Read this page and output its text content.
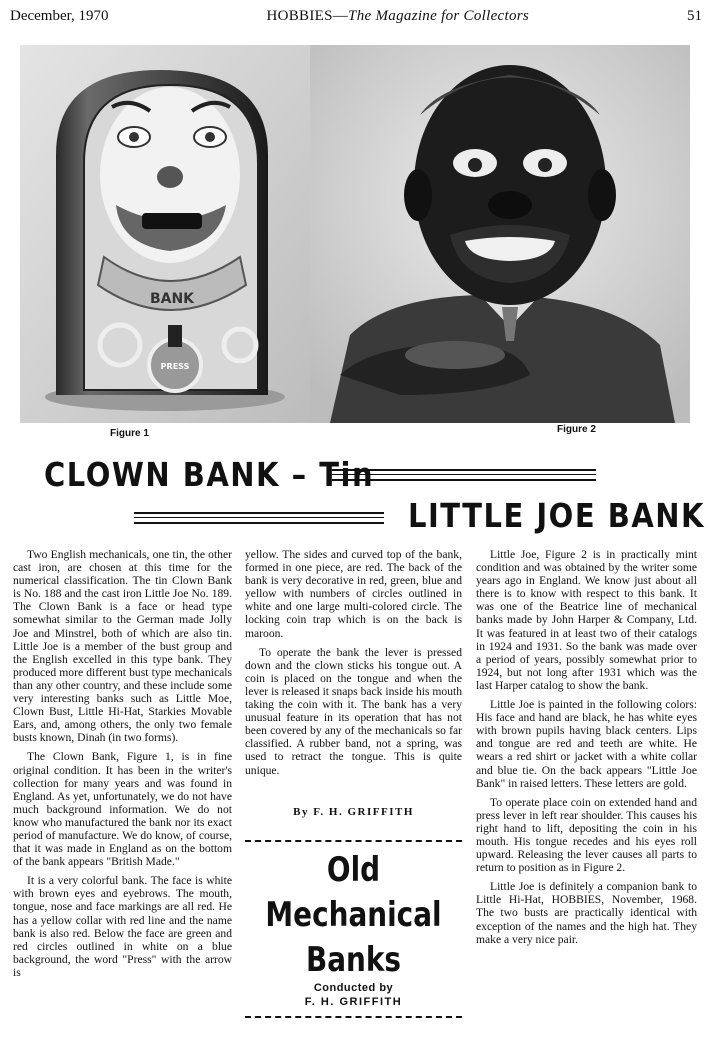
December, 1970	HOBBIES—The Magazine for Collectors	51
BANK
PRESS
Figure 1	Figure 2
CLOWN BANK – Tin
LITTLE JOE BANK

Two English mechanicals, one tin, the other cast iron, are chosen at this time for the numerical classification. The tin Clown Bank is No. 188 and the cast iron Little Joe No. 189. The Clown Bank is a face or head type somewhat similar to the German made Jolly Joe and Minstrel, both of which are also tin. Little Joe is a member of the bust group and the English excelled in this type bank. They produced more different bust type mechanicals than any other country, and these include some very interesting banks such as Little Moe, Clown Bust, Little Hi-Hat, Starkies Movable Ears, and, among others, the only two female busts known, Dinah (in two forms).

The Clown Bank, Figure 1, is in fine original condition. It has been in the writer's collection for many years and was found in England. As yet, unfortunately, we do not have much background information. We do not know who manufactured the bank nor its exact period of manufacture. We do know, of course, that it was made in England as on the bottom of the bank appears "British Made."

It is a very colorful bank. The face is white with brown eyes and eyebrows. The mouth, tongue, nose and face markings are all red. He has a yellow collar with red line and the name bank is also red. Below the face are green and red circles outlined in white on a blue background, the word "Press" with the arrow is

yellow. The sides and curved top of the bank, formed in one piece, are red. The back of the bank is very decorative in red, green, blue and yellow with numbers of circles outlined in white and one large multi-colored circle. The locking coin trap which is on the back is maroon.

To operate the bank the lever is pressed down and the clown sticks his tongue out. A coin is placed on the tongue and when the lever is released it snaps back inside his mouth taking the coin with it. The bank has a very unusual feature in its operation that has not been covered by any of the mechanicals so far classified. A rubber band, not a spring, was used to retract the tongue. This is quite unique.

By F. H. GRIFFITH
Old
Mechanical
Banks
Conducted by
F. H. GRIFFITH

Little Joe, Figure 2 is in practically mint condition and was obtained by the writer some years ago in England. We know just about all there is to know with respect to this bank. It was one of the Beatrice line of mechanical banks made by John Harper & Company, Ltd. It was featured in at least two of their catalogs in 1924 and 1931. So the bank was made over a period of years, possibly somewhat prior to 1924, but not long after 1931 which was the last Harper catalog to show the bank.

Little Joe is painted in the following colors: His face and hand are black, he has white eyes with brown pupils having black centers. Lips and tongue are red and teeth are white. He wears a red shirt or jacket with a white collar and blue tie. On the back appears "Little Joe Bank" in raised letters. These letters are gold.

To operate place coin on extended hand and press lever in left rear shoulder. This causes his right hand to lift, depositing the coin in his mouth. His tongue recedes and his eyes roll upward. Releasing the lever causes all parts to return to position as in Figure 2.

Little Joe is definitely a companion bank to Little Hi-Hat, HOBBIES, November, 1968. The two busts are practically identical with exception of the names and the high hat. They make a very nice pair.
